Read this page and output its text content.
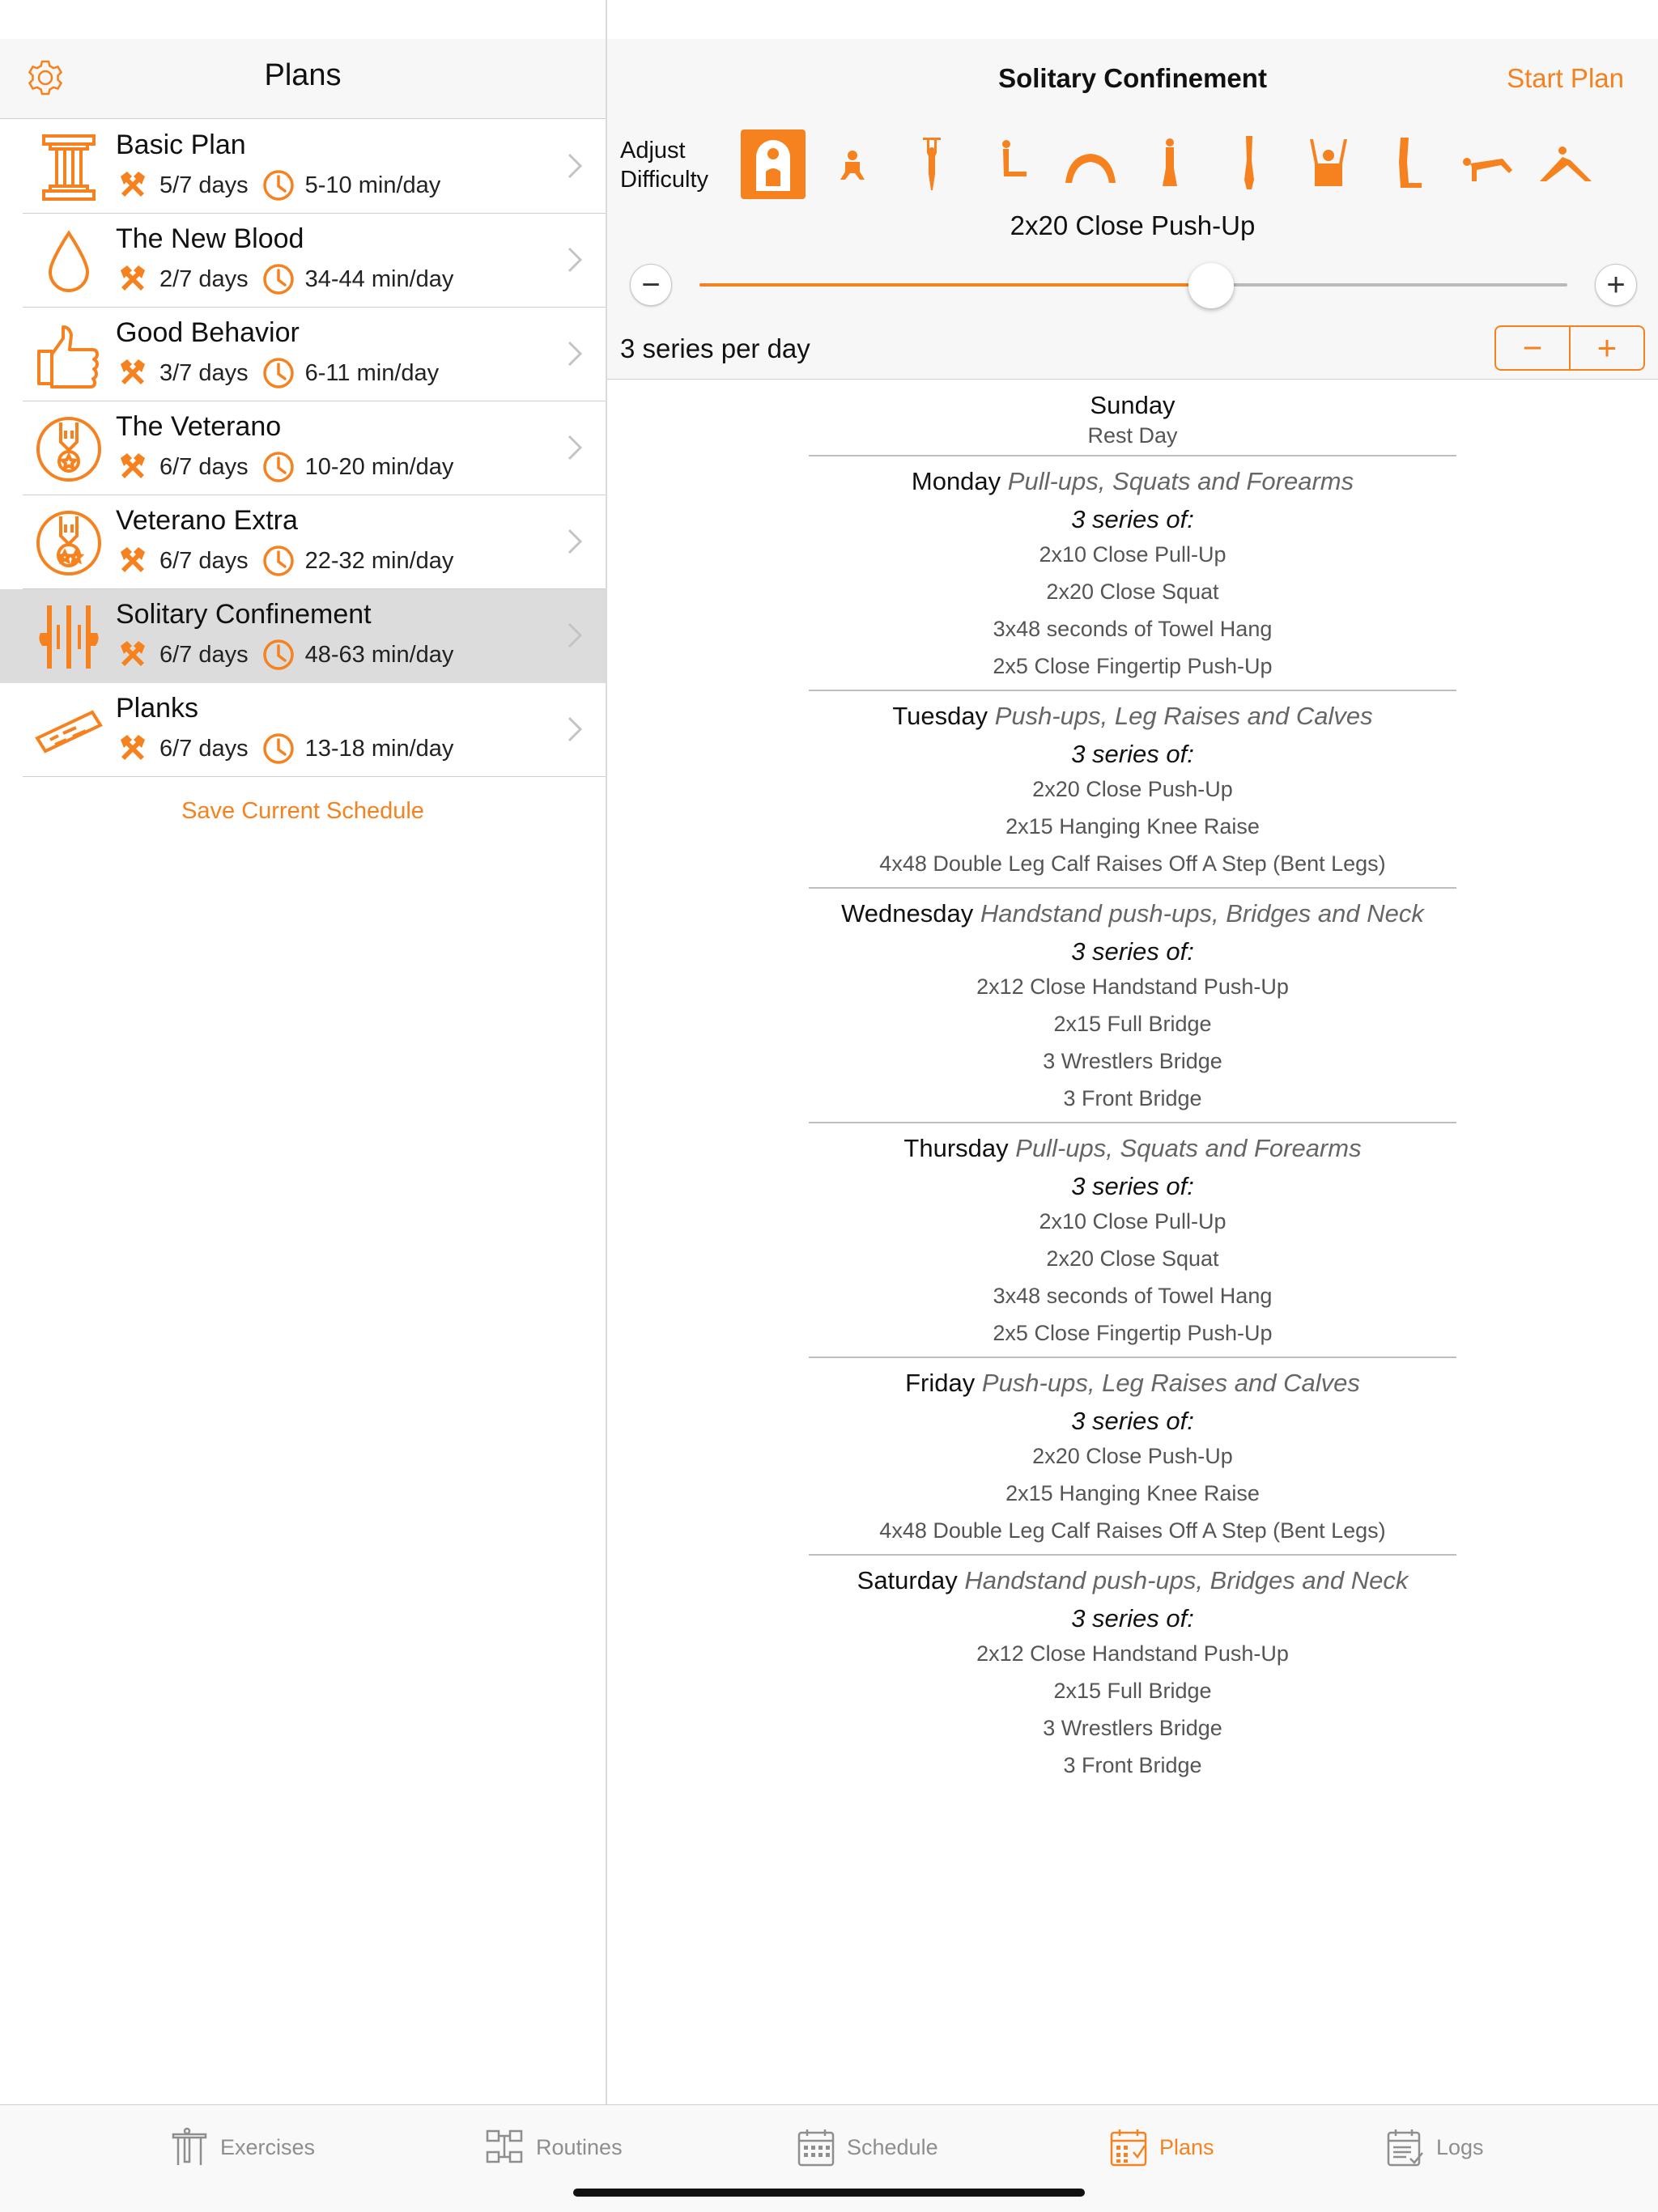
Plans
Basic Plan
5/7 days 5-10 min/day
The New Blood
2/7 days 34-44 min/day
Good Behavior
3/7 days 6-11 min/day
The Veterano
6/7 days 10-20 min/day
Veterano Extra
6/7 days 22-32 min/day
Solitary Confinement
6/7 days 48-63 min/day
Planks
6/7 days 13-18 min/day
Save Current Schedule
Solitary Confinement	Start Plan
Adjust
Difficulty
2x20 Close Push-Up
−	+
3 series per day	−	+
Sunday
Rest Day
Monday Pull-ups, Squats and Forearms
3 series of:
2x10 Close Pull-Up
2x20 Close Squat
3x48 seconds of Towel Hang
2x5 Close Fingertip Push-Up
Tuesday Push-ups, Leg Raises and Calves
3 series of:
2x20 Close Push-Up
2x15 Hanging Knee Raise
4x48 Double Leg Calf Raises Off A Step (Bent Legs)
Wednesday Handstand push-ups, Bridges and Neck
3 series of:
2x12 Close Handstand Push-Up
2x15 Full Bridge
3 Wrestlers Bridge
3 Front Bridge
Thursday Pull-ups, Squats and Forearms
3 series of:
2x10 Close Pull-Up
2x20 Close Squat
3x48 seconds of Towel Hang
2x5 Close Fingertip Push-Up
Friday Push-ups, Leg Raises and Calves
3 series of:
2x20 Close Push-Up
2x15 Hanging Knee Raise
4x48 Double Leg Calf Raises Off A Step (Bent Legs)
Saturday Handstand push-ups, Bridges and Neck
3 series of:
2x12 Close Handstand Push-Up
2x15 Full Bridge
3 Wrestlers Bridge
3 Front Bridge
Exercises	Routines	Schedule	Plans	Logs
